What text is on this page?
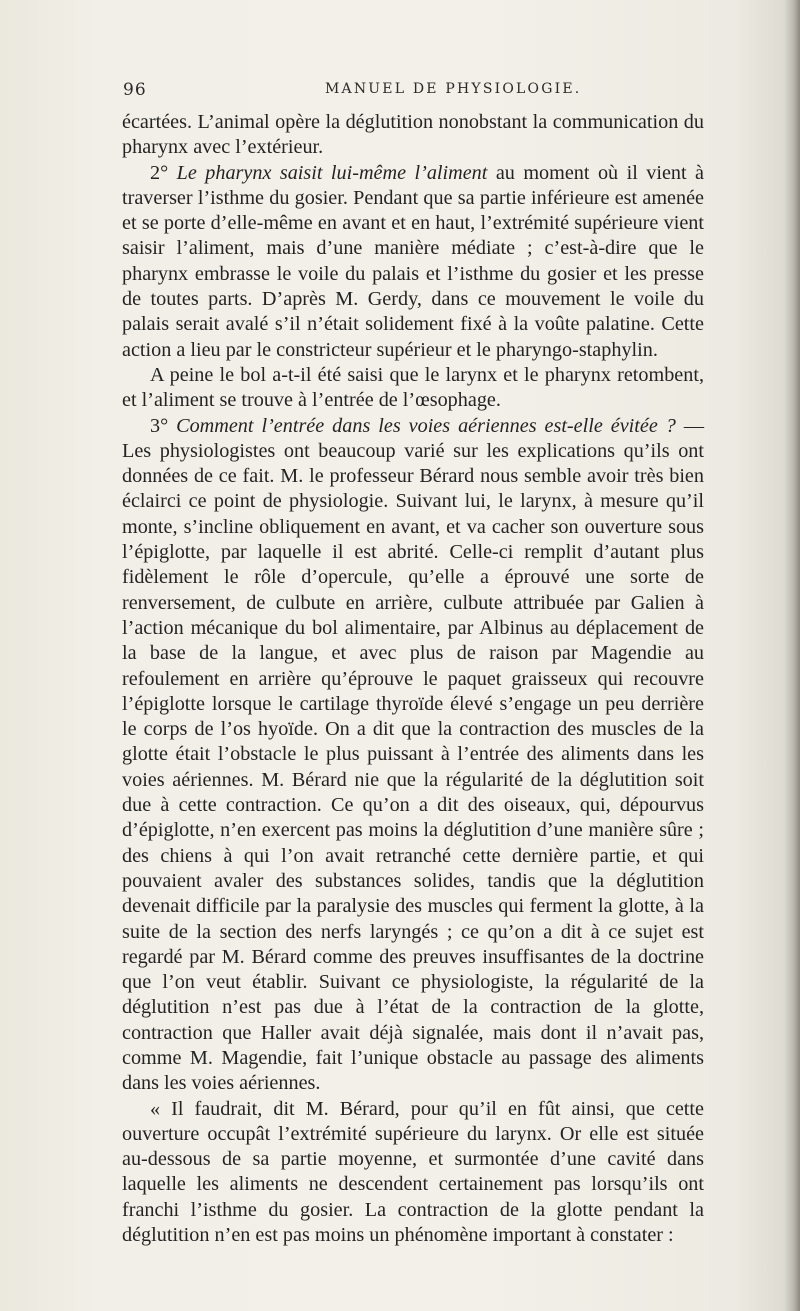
96	MANUEL DE PHYSIOLOGIE.

écartées. L’animal opère la déglutition nonobstant la communication du pharynx avec l’extérieur.

2° Le pharynx saisit lui-même l’aliment au moment où il vient à traverser l’isthme du gosier. Pendant que sa partie inférieure est amenée et se porte d’elle-même en avant et en haut, l’extrémité supérieure vient saisir l’aliment, mais d’une manière médiate ; c’est-à-dire que le pharynx embrasse le voile du palais et l’isthme du gosier et les presse de toutes parts. D’après M. Gerdy, dans ce mouvement le voile du palais serait avalé s’il n’était solidement fixé à la voûte palatine. Cette action a lieu par le constricteur supérieur et le pharyngo-staphylin.

A peine le bol a-t-il été saisi que le larynx et le pharynx retombent, et l’aliment se trouve à l’entrée de l’œsophage.

3° Comment l’entrée dans les voies aériennes est-elle évitée ? — Les physiologistes ont beaucoup varié sur les explications qu’ils ont données de ce fait. M. le professeur Bérard nous semble avoir très bien éclairci ce point de physiologie. Suivant lui, le larynx, à mesure qu’il monte, s’incline obliquement en avant, et va cacher son ouverture sous l’épiglotte, par laquelle il est abrité. Celle-ci remplit d’autant plus fidèlement le rôle d’opercule, qu’elle a éprouvé une sorte de renversement, de culbute en arrière, culbute attribuée par Galien à l’action mécanique du bol alimentaire, par Albinus au déplacement de la base de la langue, et avec plus de raison par Magendie au refoulement en arrière qu’éprouve le paquet graisseux qui recouvre l’épiglotte lorsque le cartilage thyroïde élevé s’engage un peu derrière le corps de l’os hyoïde. On a dit que la contraction des muscles de la glotte était l’obstacle le plus puissant à l’entrée des aliments dans les voies aériennes. M. Bérard nie que la régularité de la déglutition soit due à cette contraction. Ce qu’on a dit des oiseaux, qui, dépourvus d’épiglotte, n’en exercent pas moins la déglutition d’une manière sûre ; des chiens à qui l’on avait retranché cette dernière partie, et qui pouvaient avaler des substances solides, tandis que la déglutition devenait difficile par la paralysie des muscles qui ferment la glotte, à la suite de la section des nerfs laryngés ; ce qu’on a dit à ce sujet est regardé par M. Bérard comme des preuves insuffisantes de la doctrine que l’on veut établir. Suivant ce physiologiste, la régularité de la déglutition n’est pas due à l’état de la contraction de la glotte, contraction que Haller avait déjà signalée, mais dont il n’avait pas, comme M. Magendie, fait l’unique obstacle au passage des aliments dans les voies aériennes.

« Il faudrait, dit M. Bérard, pour qu’il en fût ainsi, que cette ouverture occupât l’extrémité supérieure du larynx. Or elle est située au-dessous de sa partie moyenne, et surmontée d’une cavité dans laquelle les aliments ne descendent certainement pas lorsqu’ils ont franchi l’isthme du gosier. La contraction de la glotte pendant la déglutition n’en est pas moins un phénomène important à constater :
